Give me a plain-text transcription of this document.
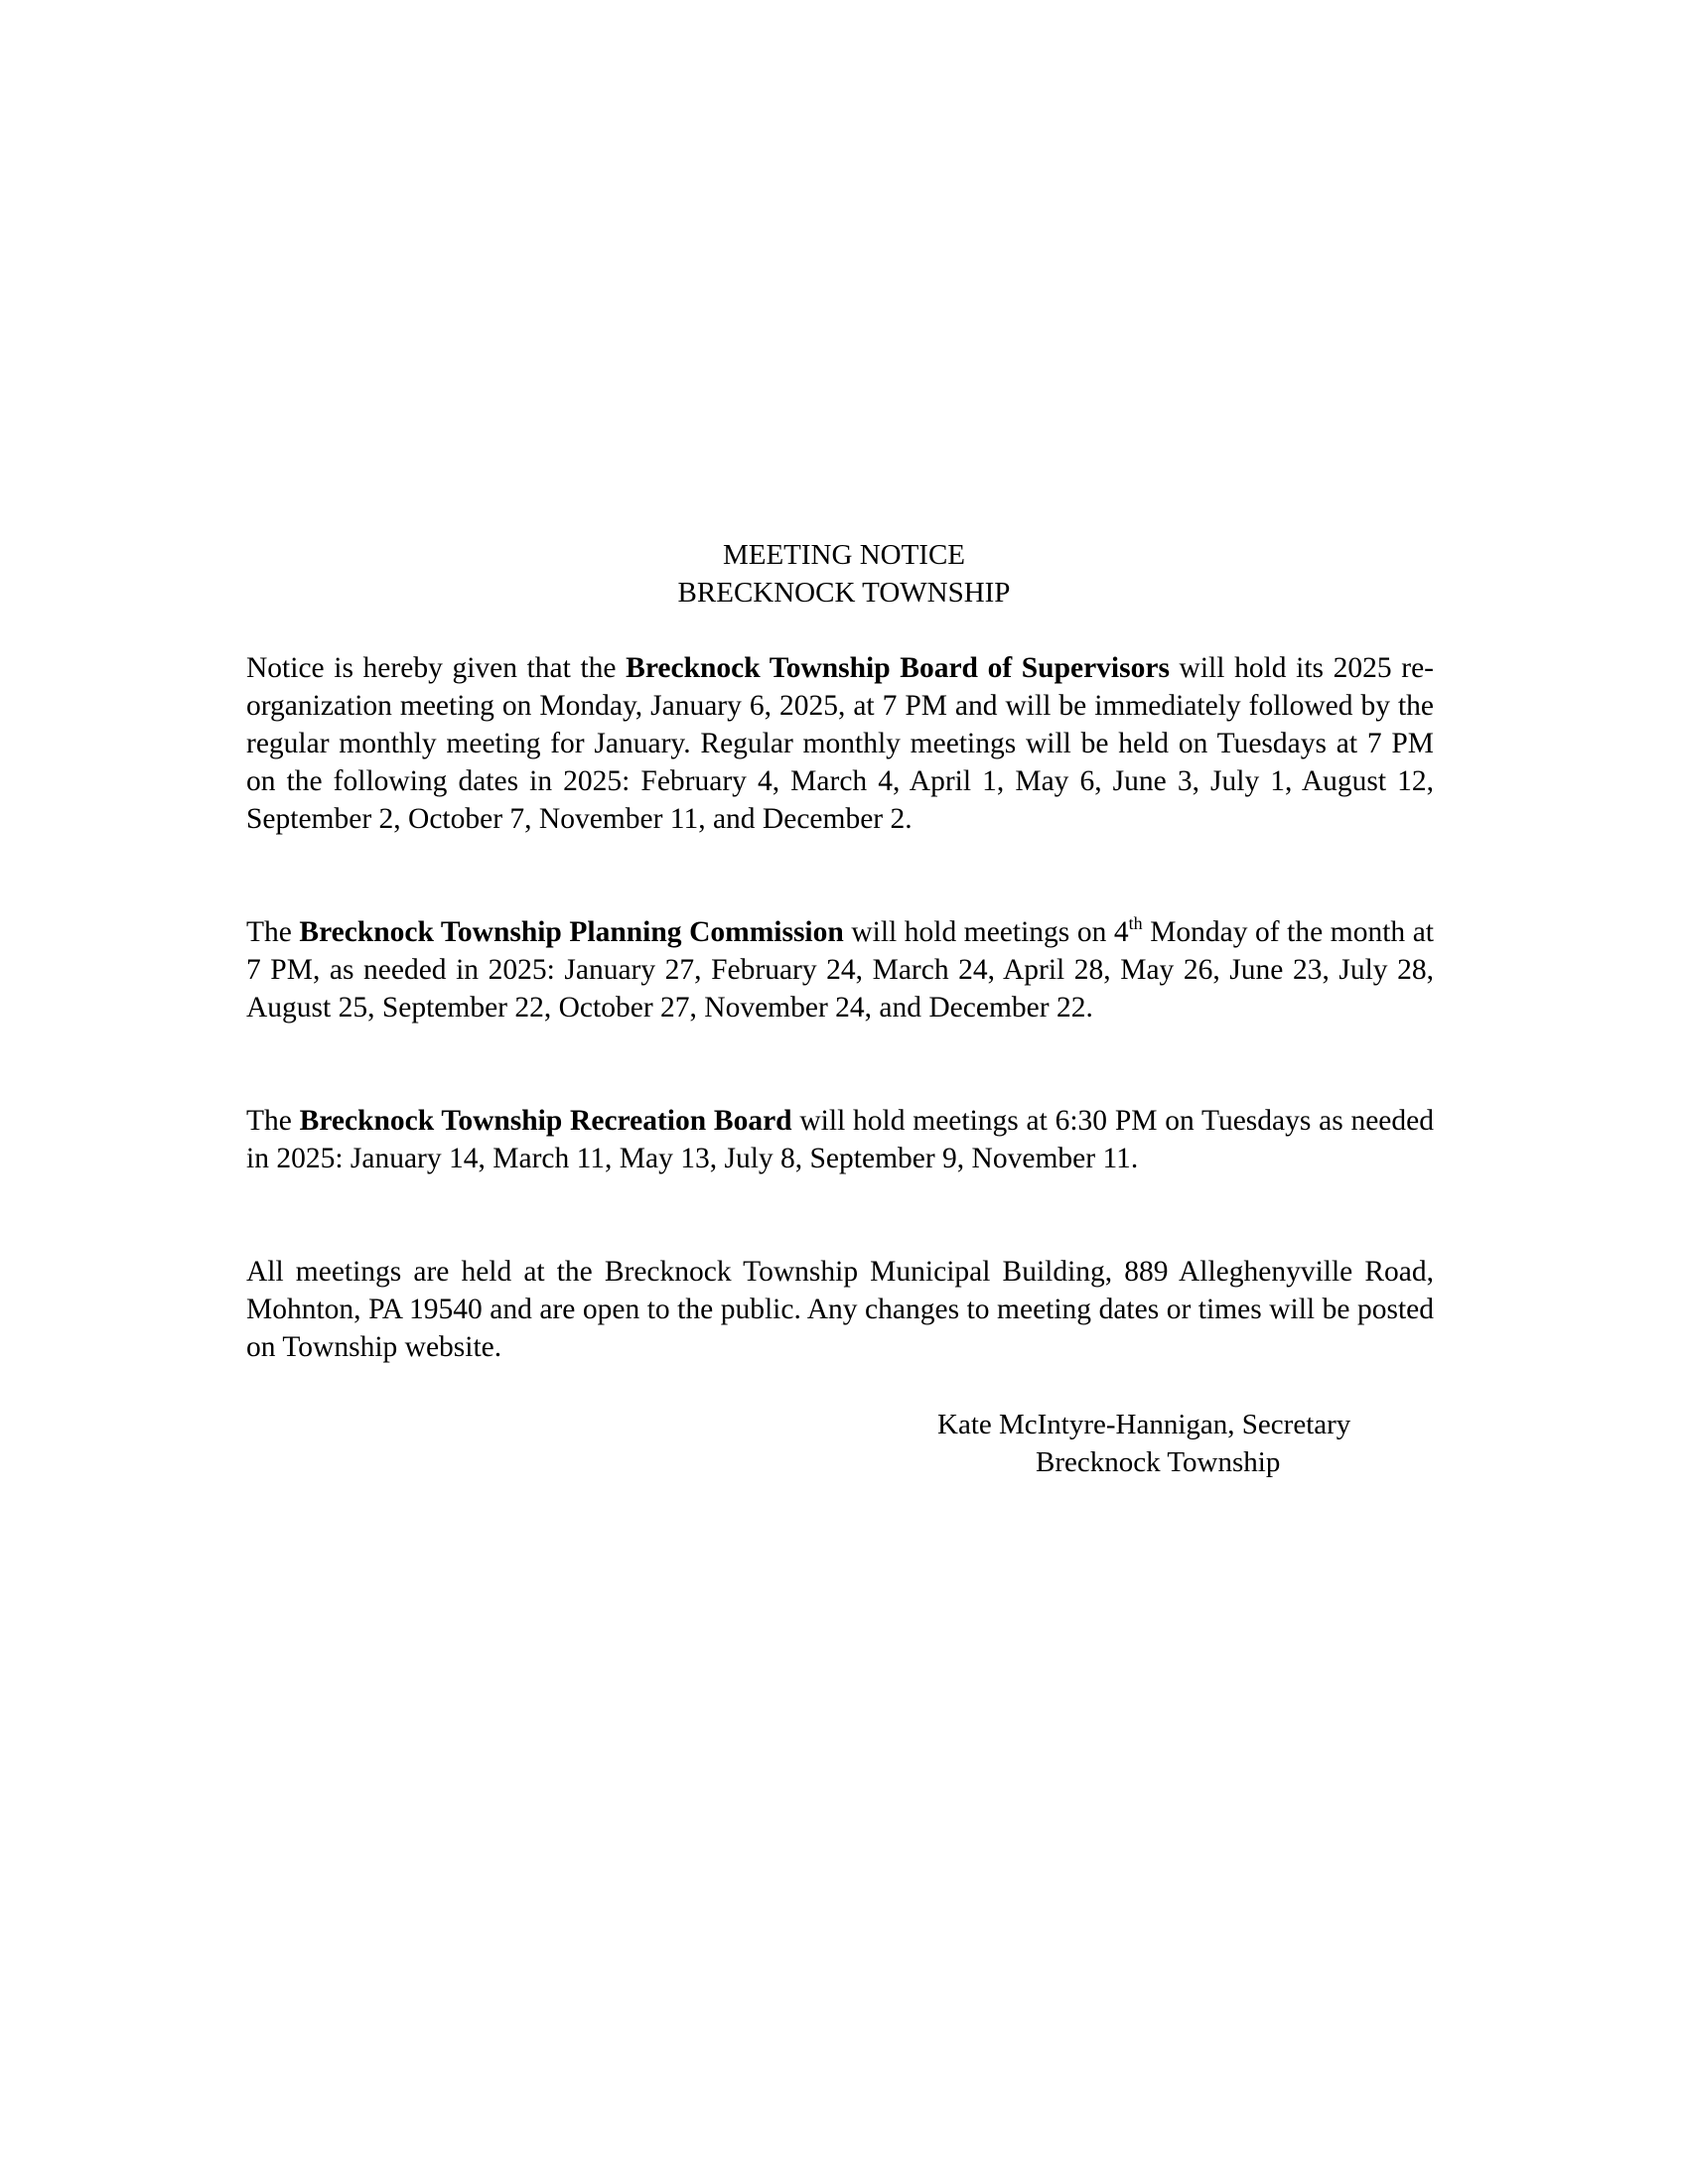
MEETING NOTICE
BRECKNOCK TOWNSHIP

Notice is hereby given that the Brecknock Township Board of Supervisors will hold its 2025 re-organization meeting on Monday, January 6, 2025, at 7 PM and will be immediately followed by the regular monthly meeting for January. Regular monthly meetings will be held on Tuesdays at 7 PM on the following dates in 2025: February 4, March 4, April 1, May 6, June 3, July 1, August 12, September 2, October 7, November 11, and December 2.

The Brecknock Township Planning Commission will hold meetings on 4th Monday of the month at 7 PM, as needed in 2025: January 27, February 24, March 24, April 28, May 26, June 23, July 28, August 25, September 22, October 27, November 24, and December 22.

The Brecknock Township Recreation Board will hold meetings at 6:30 PM on Tuesdays as needed in 2025: January 14, March 11, May 13, July 8, September 9, November 11.

All meetings are held at the Brecknock Township Municipal Building, 889 Alleghenyville Road, Mohnton, PA 19540 and are open to the public. Any changes to meeting dates or times will be posted on Township website.

Kate McIntyre-Hannigan, Secretary
Brecknock Township
